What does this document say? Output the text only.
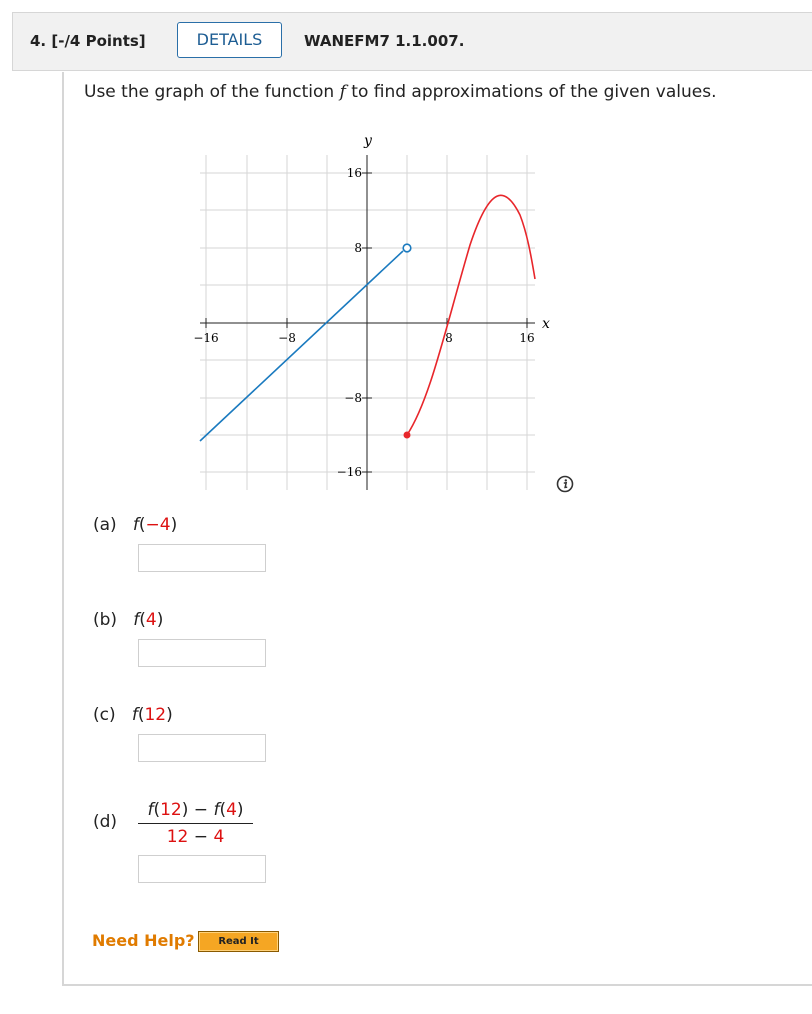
4. [-/4 Points]	DETAILS	WANEFM7 1.1.007.
Use the graph of the function f to find approximations of the given values.
y
x
−16	−8	8	16
16
8
−8
−16
(a) f(−4)
(b) f(4)
(c) f(12)
$(d) \frac{f(12) - f(4)}{12 - 4}$
Need Help?	Read It
